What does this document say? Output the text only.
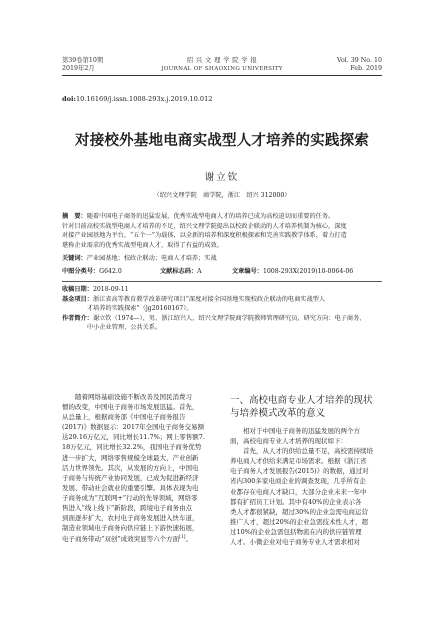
第39卷第10期
2019年2月
绍 兴 文 理 学 院 学 报
JOURNAL OF SHAOXING UNIVERSITY
Vol. 39 No. 10
Feb. 2019
doi:10.16169/j.issn.1008-293x.j.2019.10.012
对接校外基地电商实战型人才培养的实践探索
谢立钦
（绍兴文理学院　商学院，浙江　绍兴 312000）
摘　要：随着中国电子商务的迅猛发展，优秀实战型电商人才的培养已成为高校迫切而重要的任务。
针对目前高校实战型电商人才培养的不足，绍兴文理学院提出以校政企联动的人才培养机制为核心，深度
对接产业园基地为平台，“五个一”为载体，以全新的培养和深度积极探索和完善实践教学体系，着力打造
堪称企业需求的优秀实战型电商人才，取得了有益的成效。
关键词：产业园基地；校政企联动；电商人才培养；实战
中图分类号：G642.0	文献标志码：A	文章编号：1008-293X(2019)10-0064-06
收稿日期：2018-09-11
基金项目：浙江省高等教育教学改革研究项目“深度对接全国基地实现校政企联动的电商实战型人
才培养的实践探索”（jg20160167）。
作者简介：谢立钦（1974—），男，浙江绍兴人，绍兴文理学院商学院教师管理研究员，研究方向：电子商务、
中小企业管理、公共关系。
随着网络基础设施不断改善及国民消费习
惯的改变，中国电子商务市场发展迅猛。首先，
从总量上，根据商务部《中国电子商务报告
(2017)》数据显示：2017年全国电子商务交易额
达29.16万亿元，同比增长11.7%；网上零售额7.
18万亿元，同比增长32.2%，我国电子商务优势
进一步扩大，网络零售规模全球最大、产业创新
活力世界领先。其次，从发展的方向上，中国电
子商务与传统产业协同发展，已成为促进新经济
发展、带动社会就业的重要引擎。具体表现为电
子商务成为“互联网+”行动的先导领域，网络零
售进入“线上线下”新阶段，跨境电子商务由点
到面逐步扩大，农村电子商务发展进入快车道，
制造业领域电子商务向供应链上下游快速拓展，
电子商务带动“双创”成效突显等六个方面[1]。
一、高校电商专业人才培养的现状
与培养模式改革的意义
相对于中国电子商务的迅猛发展的两个方
面，高校电商专业人才培养的现状如下：
首先，从人才的供给总量不足，高校需持续培
养电商人才供给来满足市场需求。根据《浙江省
电子商务人才发展报告(2015)》的数据，通过对
省内300多家电商企业的调查发现，几乎所有企
业都存在电商人才缺口，大部分企业未来一年中
都有扩招员工计划。其中有40%的企业表示各
类人才都很紧缺，超过30%的企业急需电商运营
推广人才，超过20%的企业急需技术性人才，超
过10%的企业急需包括物流在内的供应链管理
人才。小微企业对电子商务专业人才需求相对
